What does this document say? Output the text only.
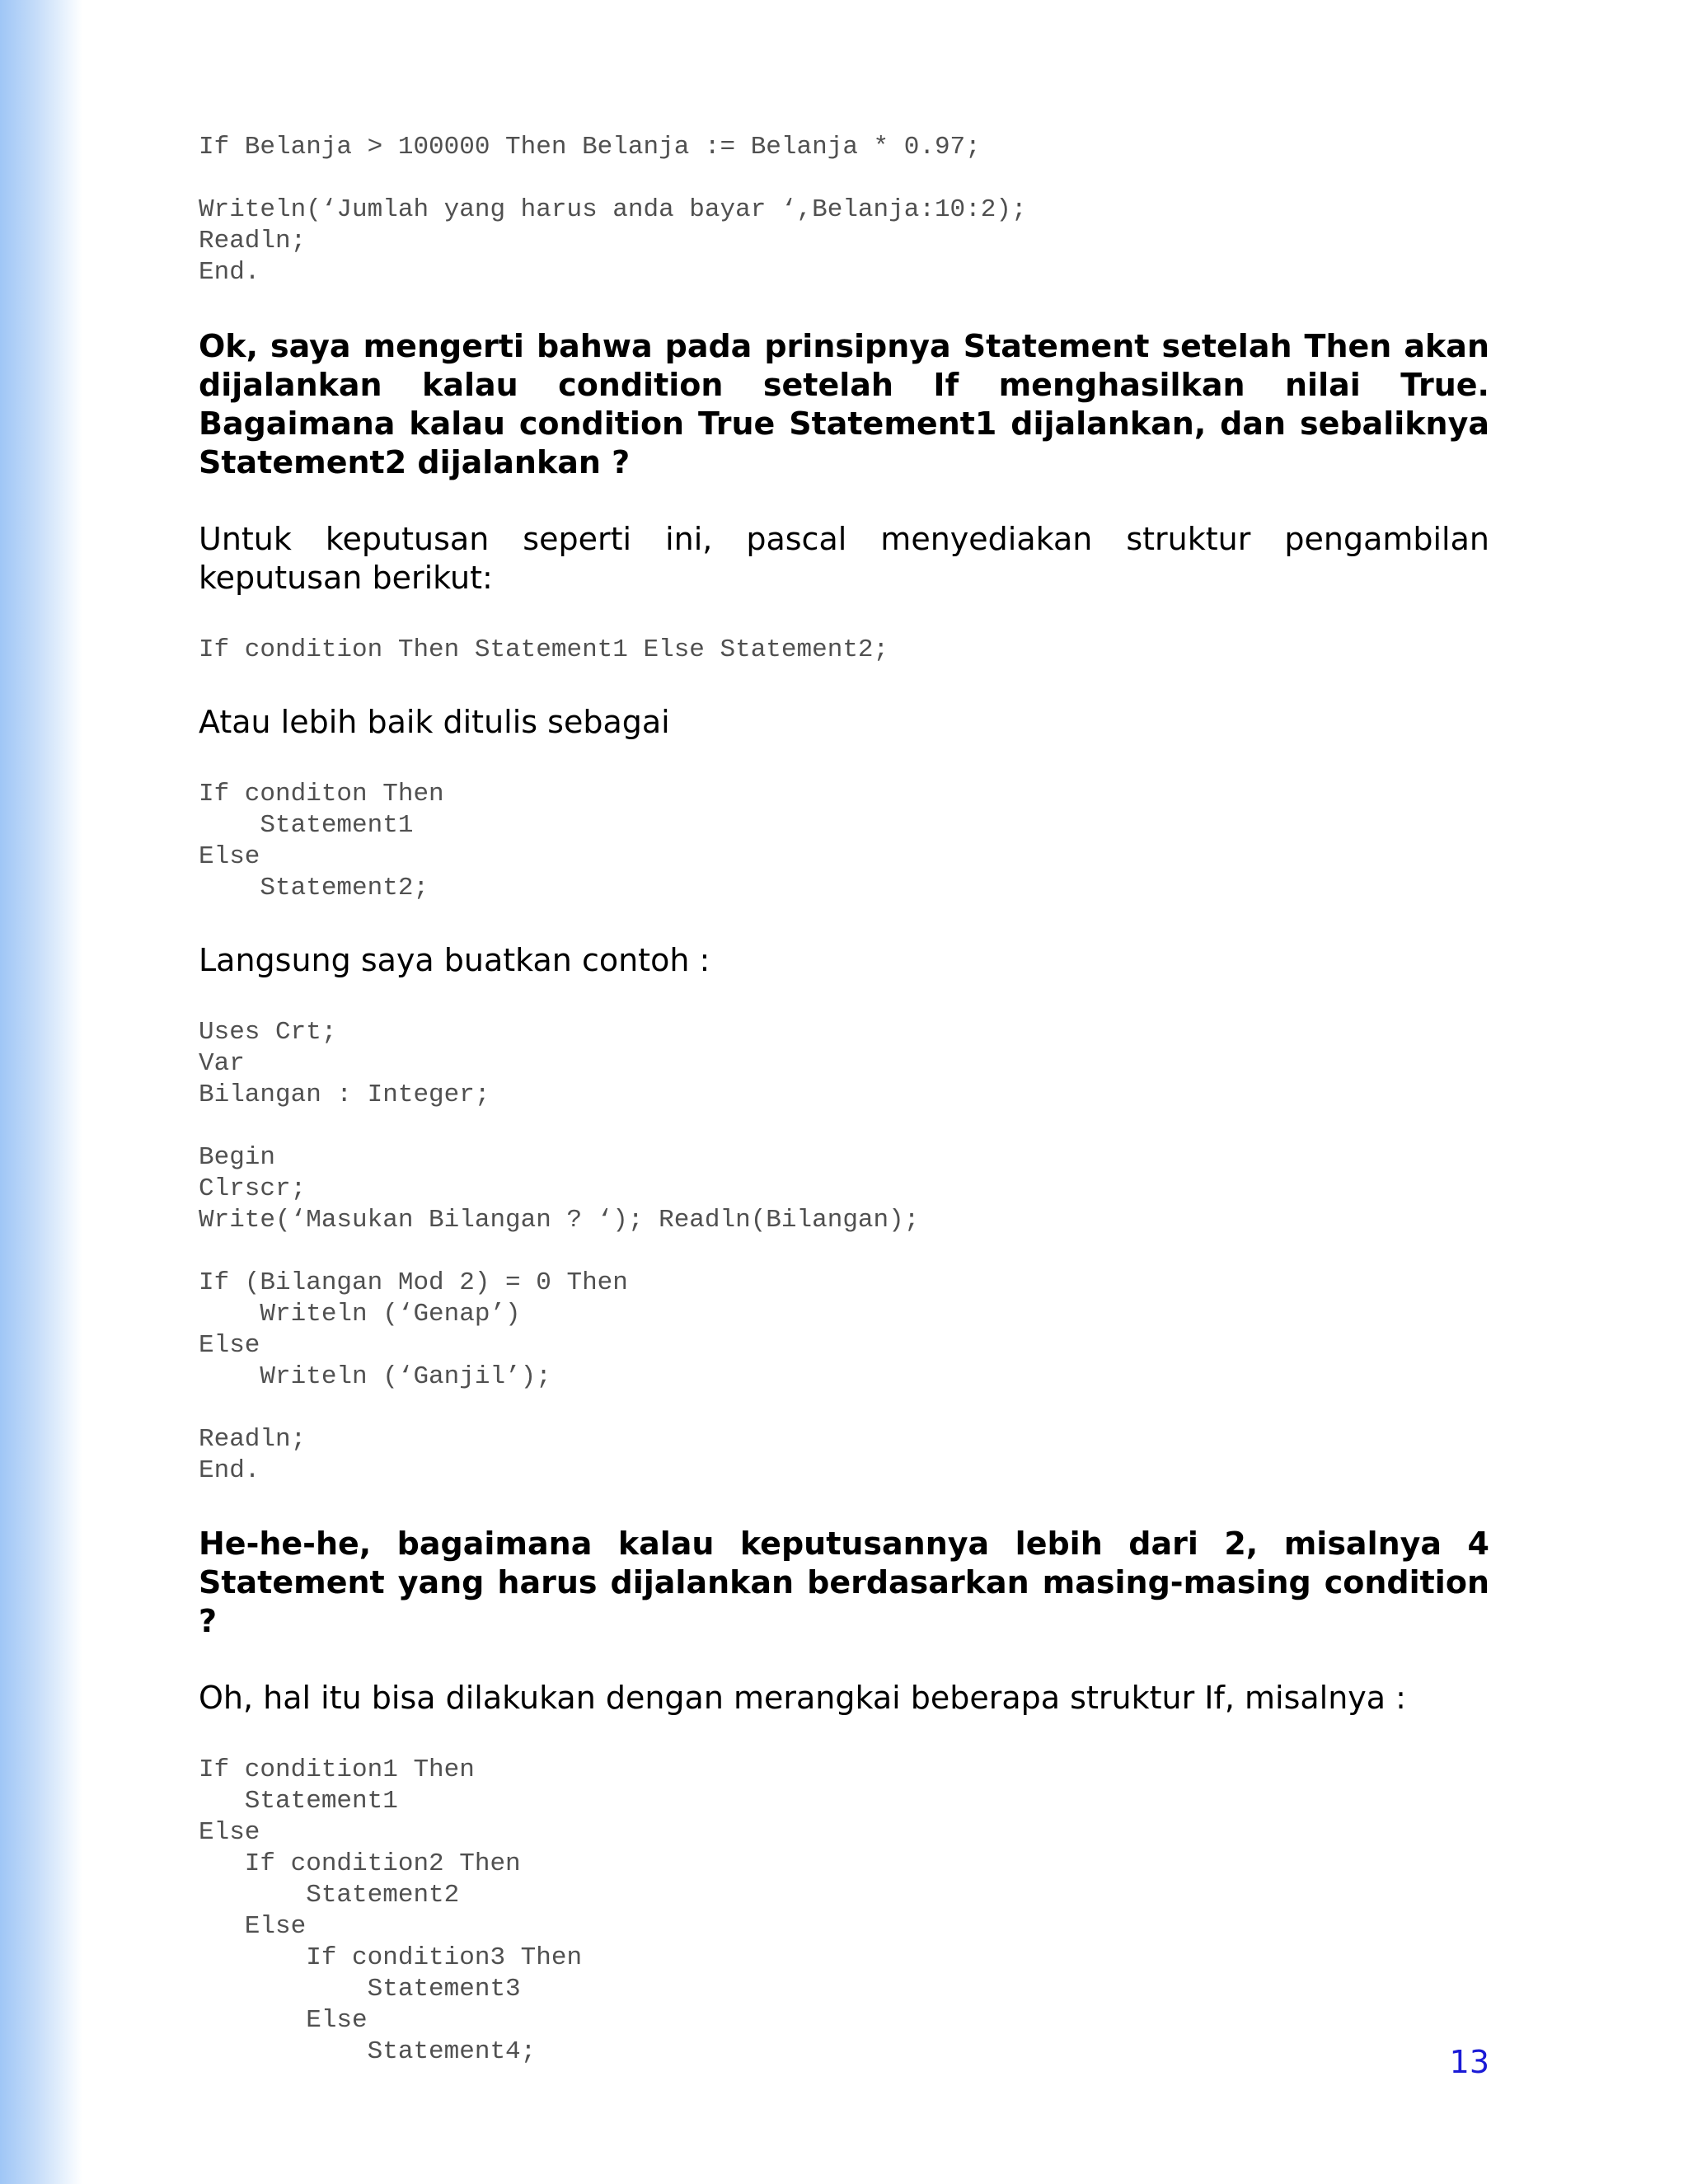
If Belanja > 100000 Then Belanja := Belanja * 0.97;
Writeln(‘Jumlah yang harus anda bayar ‘,Belanja:10:2);
Readln;
End.

Ok, saya mengerti bahwa pada prinsipnya Statement setelah Then akan dijalankan kalau condition setelah If menghasilkan nilai True. Bagaimana kalau condition True Statement1 dijalankan, dan sebaliknya Statement2 dijalankan ?

Untuk keputusan seperti ini, pascal menyediakan struktur pengambilan keputusan berikut:

If condition Then Statement1 Else Statement2;

Atau lebih baik ditulis sebagai

If conditon Then
Statement1
Else
Statement2;

Langsung saya buatkan contoh :

Uses Crt;
Var
Bilangan : Integer;
Begin
Clrscr;
Write(‘Masukan Bilangan ? ‘); Readln(Bilangan);
If (Bilangan Mod 2) = 0 Then
Writeln (‘Genap’)
Else
Writeln (‘Ganjil’);
Readln;
End.

He-he-he, bagaimana kalau keputusannya lebih dari 2, misalnya 4 Statement yang harus dijalankan berdasarkan masing-masing condition ?

Oh, hal itu bisa dilakukan dengan merangkai beberapa struktur If, misalnya :

If condition1 Then
Statement1
Else
If condition2 Then
Statement2
Else
If condition3 Then
Statement3
Else
Statement4;	13
